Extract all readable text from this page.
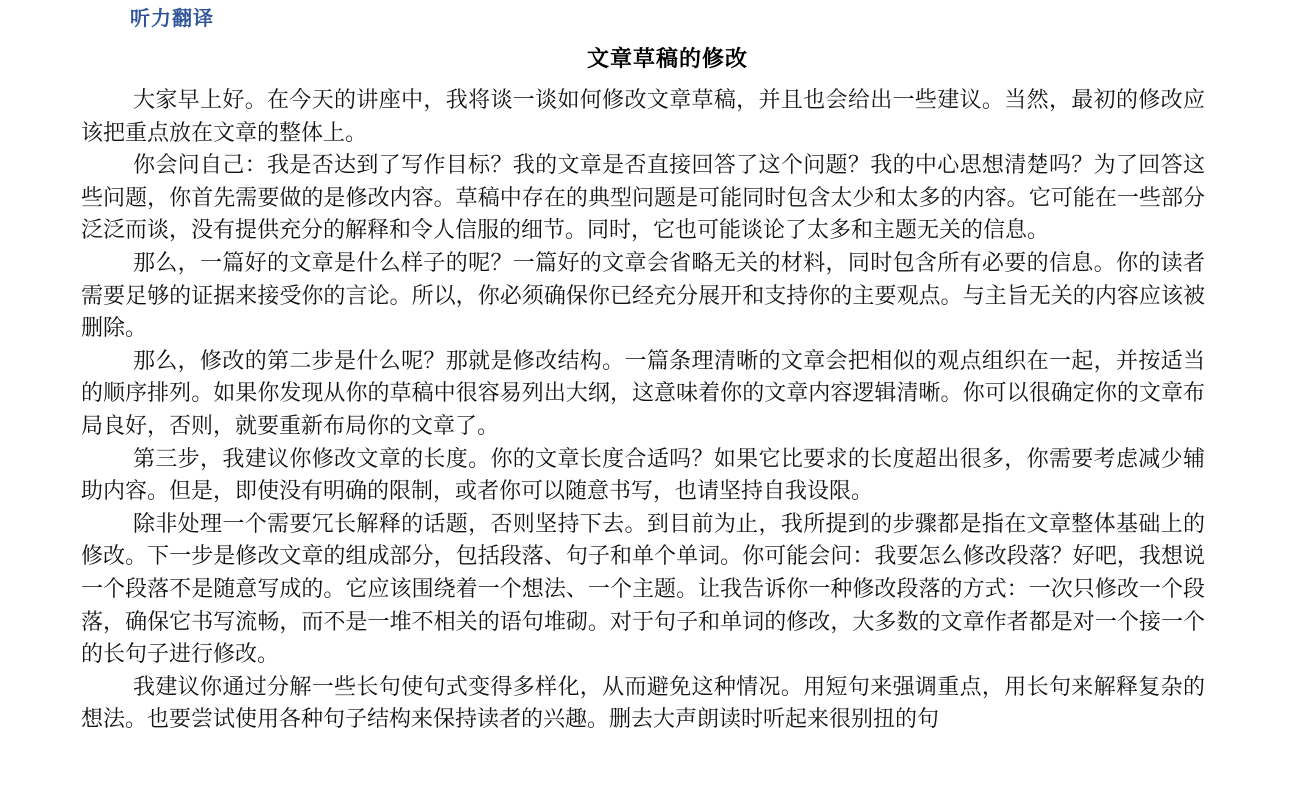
听力翻译
文章草稿的修改

大家早上好。在今天的讲座中，我将谈一谈如何修改文章草稿，并且也会给出一些建议。当然，最初的修改应该把重点放在文章的整体上。

你会问自己：我是否达到了写作目标？我的文章是否直接回答了这个问题？我的中心思想清楚吗？为了回答这些问题，你首先需要做的是修改内容。草稿中存在的典型问题是可能同时包含太少和太多的内容。它可能在一些部分泛泛而谈，没有提供充分的解释和令人信服的细节。同时，它也可能谈论了太多和主题无关的信息。

那么，一篇好的文章是什么样子的呢？一篇好的文章会省略无关的材料，同时包含所有必要的信息。你的读者需要足够的证据来接受你的言论。所以，你必须确保你已经充分展开和支持你的主要观点。与主旨无关的内容应该被删除。

那么，修改的第二步是什么呢？那就是修改结构。一篇条理清晰的文章会把相似的观点组织在一起，并按适当的顺序排列。如果你发现从你的草稿中很容易列出大纲，这意味着你的文章内容逻辑清晰。你可以很确定你的文章布局良好，否则，就要重新布局你的文章了。

第三步，我建议你修改文章的长度。你的文章长度合适吗？如果它比要求的长度超出很多，你需要考虑减少辅助内容。但是，即使没有明确的限制，或者你可以随意书写，也请坚持自我设限。

除非处理一个需要冗长解释的话题，否则坚持下去。到目前为止，我所提到的步骤都是指在文章整体基础上的修改。下一步是修改文章的组成部分，包括段落、句子和单个单词。你可能会问：我要怎么修改段落？好吧，我想说一个段落不是随意写成的。它应该围绕着一个想法、一个主题。让我告诉你一种修改段落的方式：一次只修改一个段落，确保它书写流畅，而不是一堆不相关的语句堆砌。对于句子和单词的修改，大多数的文章作者都是对一个接一个的长句子进行修改。

我建议你通过分解一些长句使句式变得多样化，从而避免这种情况。用短句来强调重点，用长句来解释复杂的想法。也要尝试使用各种句子结构来保持读者的兴趣。删去大声朗读时听起来很别扭的句
